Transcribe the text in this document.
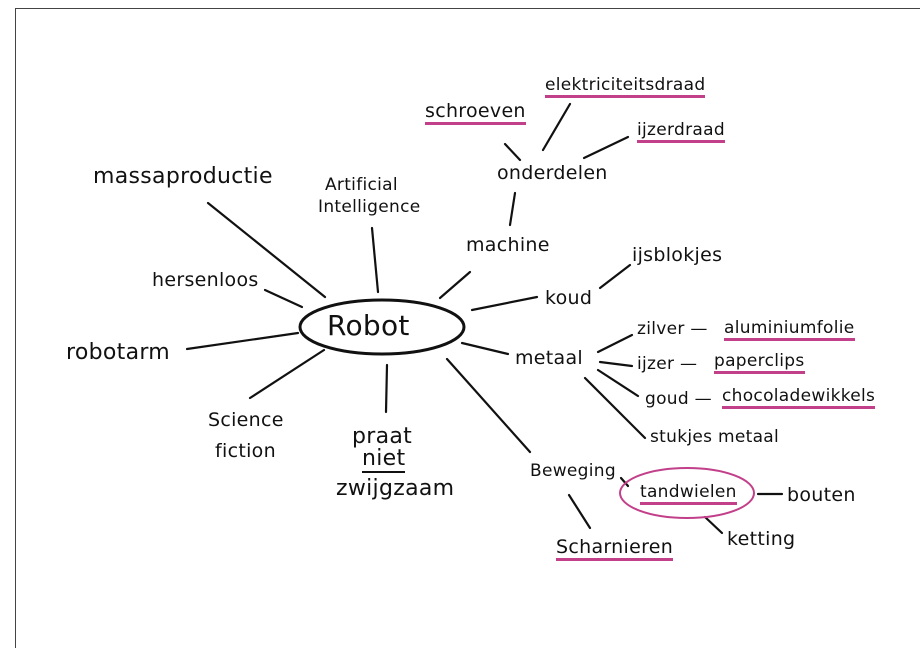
Robot
massaproductie	Artificial
Intelligence
hersenloos
robotarm
Science
fiction
praat
niet
zwijgzaam
machine
onderdelen
schroeven
elektriciteitsdraad
ijzerdraad
koud
ijsblokjes
metaal
zilver — aluminiumfolie
ijzer — paperclips
goud — chocoladewikkels
stukjes metaal
Beweging
tandwielen	bouten
ketting
Scharnieren
